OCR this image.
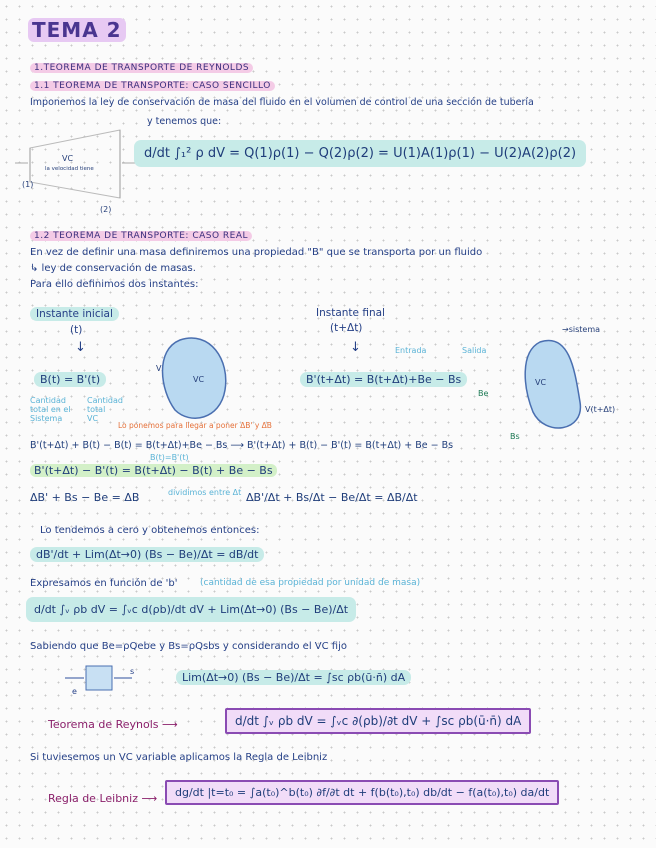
TEMA 2
1.TEOREMA DE TRANSPORTE DE REYNOLDS
1.1 TEOREMA DE TRANSPORTE: CASO SENCILLO
Imponemos la ley de conservación de masa del fluido en el volumen de control de una sección de tubería
y tenemos que:
VC
la velocidad tiene
(1)
(2)
d/dt ∫₁² ρ dV = Q(1)ρ(1) − Q(2)ρ(2) = U(1)A(1)ρ(1) − U(2)A(2)ρ(2)
1.2 TEOREMA DE TRANSPORTE: CASO REAL
En vez de definir una masa definiremos una propiedad "B" que se transporta por un fluido
↳ ley de conservación de masas.
Para ello definimos dos instantes:
Instante inicial
(t)
↓
B(t) = B'(t)
Cantidad
total en el
Sistema
Cantidad
total
VC
VC
V
Instante final
(t+Δt)	→sistema
↓	Entrada	Salida
B'(t+Δt) = B(t+Δt)+Be − Bs	VC
Be
Bs
V(t+Δt)
Lo ponemos para llegar a poner ΔB' y ΔB
B'(t+Δt) + B(t) − B(t) = B(t+Δt)+Be − Bs ⟶ B'(t+Δt) + B(t) − B'(t) = B(t+Δt) + Be − Bs
B(t)=B'(t)
B'(t+Δt) − B'(t) = B(t+Δt) − B(t) + Be − Bs
ΔB' + Bs − Be = ΔB	dividimos entre Δt ΔB'/Δt + Bs/Δt − Be/Δt = ΔB/Δt
Lo tendemos a cero y obtenemos entonces:
dB'/dt + Lim(Δt→0) (Bs − Be)/Δt = dB/dt
Expresamos en función de 'b' (cantidad de esa propiedad por unidad de masa)
d/dt ∫ᵥ ρb dV = ∫ᵥc d(ρb)/dt dV + Lim(Δt→0) (Bs − Be)/Δt
Sabiendo que Be=ρQebe y Bs=ρQsbs y considerando el VC fijo
e
s	Lim(Δt→0) (Bs − Be)/Δt = ∫sc ρb(ū·n̄) dA
Teorema de Reynols ⟶	d/dt ∫ᵥ ρb dV = ∫ᵥc ∂(ρb)/∂t dV + ∫sc ρb(ū·n̄) dA
Si tuviesemos un VC variable aplicamos la Regla de Leibniz
Regla de Leibniz ⟶	dg/dt |t=t₀ = ∫a(t₀)^b(t₀) ∂f/∂t dt + f(b(t₀),t₀) db/dt − f(a(t₀),t₀) da/dt
